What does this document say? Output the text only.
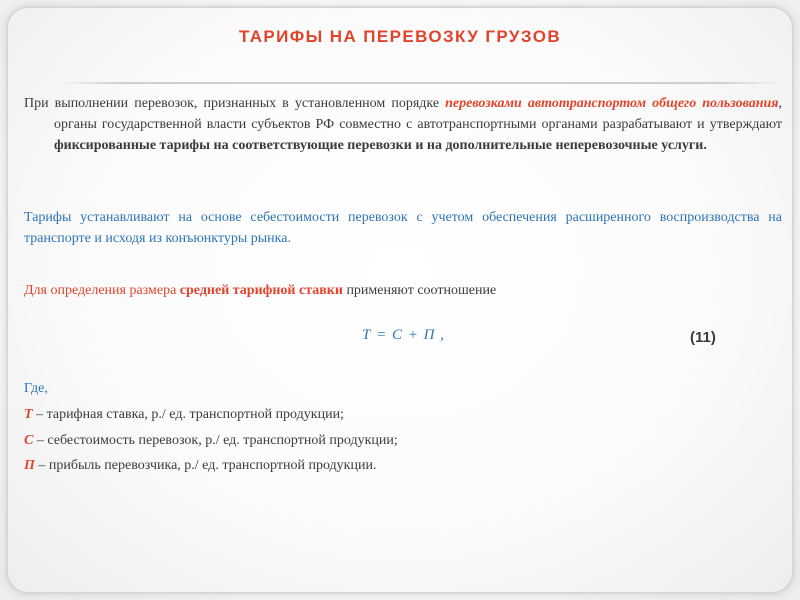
ТАРИФЫ НА ПЕРЕВОЗКУ ГРУЗОВ
При выполнении перевозок, признанных в установленном порядке перевозками автотранспортом общего пользования, органы государственной власти субъектов РФ совместно с автотранспортными органами разрабатывают и утверждают фиксированные тарифы на соответствующие перевозки и на дополнительные неперевозочные услуги.
Тарифы устанавливают на основе себестоимости перевозок с учетом обеспечения расширенного воспроизводства на транспорте и исходя из конъюнктуры рынка.
Для определения размера средней тарифной ставки применяют соотношение
Т = С + П ,	(11)
Где,
Т – тарифная ставка, р./ ед. транспортной продукции;
С – себестоимость перевозок, р./ ед. транспортной продукции;
П – прибыль перевозчика, р./ ед. транспортной продукции.
